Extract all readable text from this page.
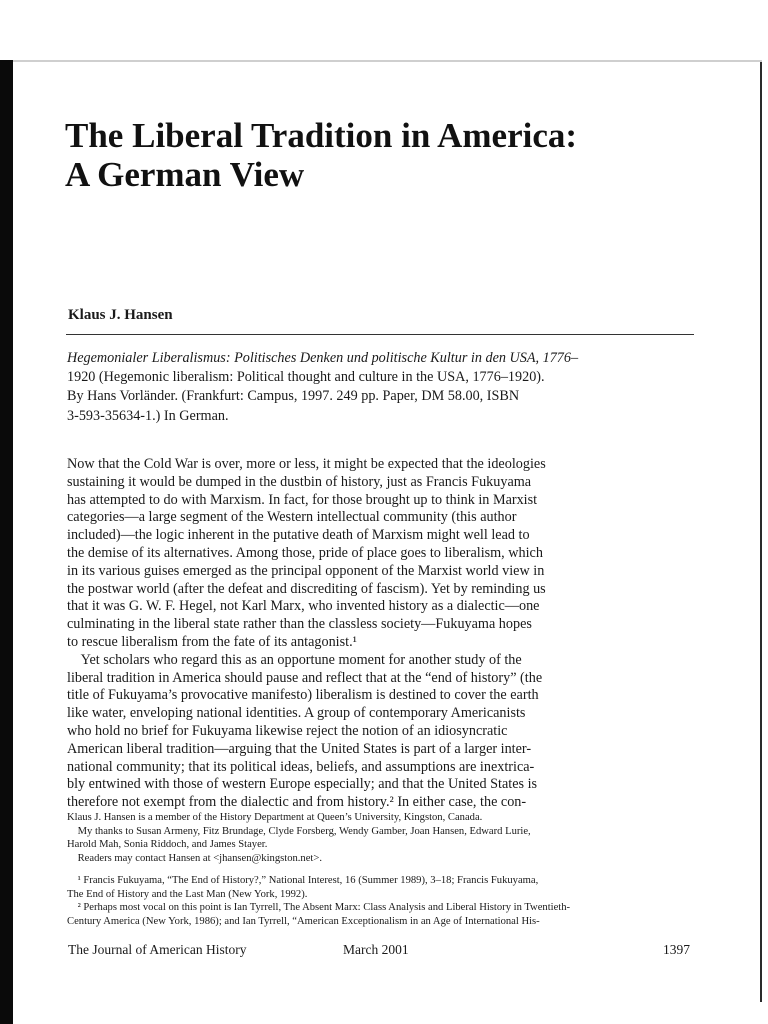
The Liberal Tradition in America:
A German View
Klaus J. Hansen
Hegemonialer Liberalismus: Politisches Denken und politische Kultur in den USA, 1776–
1920 (Hegemonic liberalism: Political thought and culture in the USA, 1776–1920).
By Hans Vorländer. (Frankfurt: Campus, 1997. 249 pp. Paper, DM 58.00, ISBN
3-593-35634-1.) In German.
Now that the Cold War is over, more or less, it might be expected that the ideologies
sustaining it would be dumped in the dustbin of history, just as Francis Fukuyama
has attempted to do with Marxism. In fact, for those brought up to think in Marxist
categories—a large segment of the Western intellectual community (this author
included)—the logic inherent in the putative death of Marxism might well lead to
the demise of its alternatives. Among those, pride of place goes to liberalism, which
in its various guises emerged as the principal opponent of the Marxist world view in
the postwar world (after the defeat and discrediting of fascism). Yet by reminding us
that it was G. W. F. Hegel, not Karl Marx, who invented history as a dialectic—one
culminating in the liberal state rather than the classless society—Fukuyama hopes
to rescue liberalism from the fate of its antagonist.¹
Yet scholars who regard this as an opportune moment for another study of the
liberal tradition in America should pause and reflect that at the “end of history” (the
title of Fukuyama’s provocative manifesto) liberalism is destined to cover the earth
like water, enveloping national identities. A group of contemporary Americanists
who hold no brief for Fukuyama likewise reject the notion of an idiosyncratic
American liberal tradition—arguing that the United States is part of a larger inter-
national community; that its political ideas, beliefs, and assumptions are inextrica-
bly entwined with those of western Europe especially; and that the United States is
therefore not exempt from the dialectic and from history.² In either case, the con-
Klaus J. Hansen is a member of the History Department at Queen’s University, Kingston, Canada.
My thanks to Susan Armeny, Fitz Brundage, Clyde Forsberg, Wendy Gamber, Joan Hansen, Edward Lurie,
Harold Mah, Sonia Riddoch, and James Stayer.
Readers may contact Hansen at <jhansen@kingston.net>.
¹ Francis Fukuyama, “The End of History?,” National Interest, 16 (Summer 1989), 3–18; Francis Fukuyama,
The End of History and the Last Man (New York, 1992).
² Perhaps most vocal on this point is Ian Tyrrell, The Absent Marx: Class Analysis and Liberal History in Twentieth-
Century America (New York, 1986); and Ian Tyrrell, “American Exceptionalism in an Age of International His-
The Journal of American History	March 2001	1397
